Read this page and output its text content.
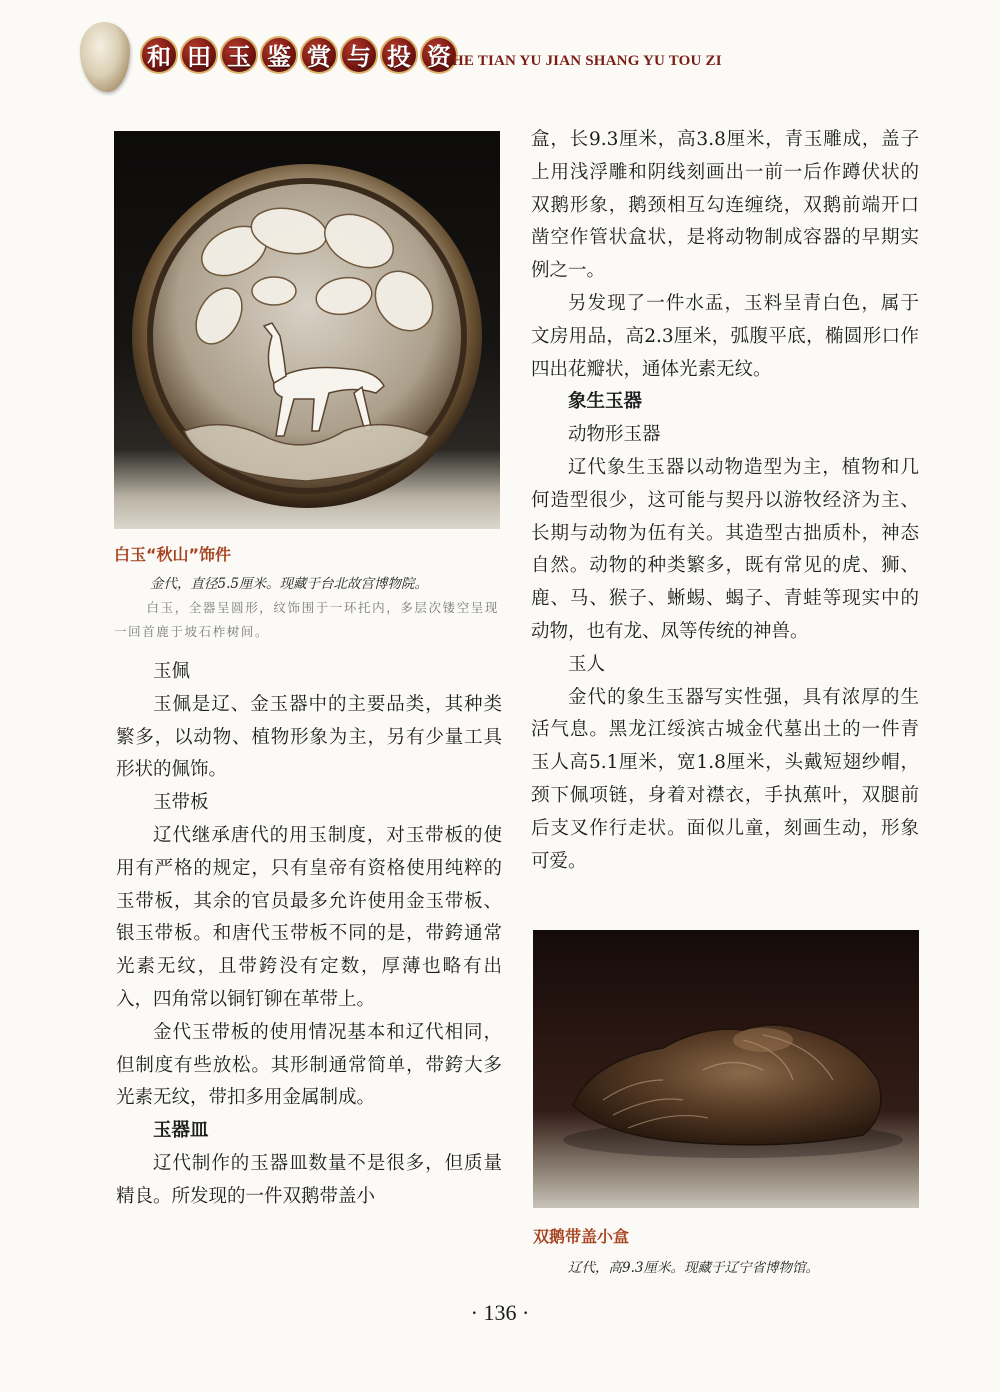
和 田 玉 鉴 赏 与 投 资 HE TIAN YU JIAN SHANG YU TOU ZI
白玉“秋山”饰件
金代，直径5.5厘米。现藏于台北故宫博物院。
白玉，全器呈圆形，纹饰围于一环托内，多层次镂空呈现一回首鹿于坡石柞树间。
玉佩

玉佩是辽、金玉器中的主要品类，其种类繁多，以动物、植物形象为主，另有少量工具形状的佩饰。

玉带板

辽代继承唐代的用玉制度，对玉带板的使用有严格的规定，只有皇帝有资格使用纯粹的玉带板，其余的官员最多允许使用金玉带板、银玉带板。和唐代玉带板不同的是，带銙通常光素无纹，且带銙没有定数，厚薄也略有出入，四角常以铜钉铆在革带上。

金代玉带板的使用情况基本和辽代相同，但制度有些放松。其形制通常简单，带銙大多光素无纹，带扣多用金属制成。

玉器皿

辽代制作的玉器皿数量不是很多，但质量精良。所发现的一件双鹅带盖小

盒，长9.3厘米，高3.8厘米，青玉雕成，盖子上用浅浮雕和阴线刻画出一前一后作蹲伏状的双鹅形象，鹅颈相互勾连缠绕，双鹅前端开口凿空作管状盒状，是将动物制成容器的早期实例之一。

另发现了一件水盂，玉料呈青白色，属于文房用品，高2.3厘米，弧腹平底，椭圆形口作四出花瓣状，通体光素无纹。

象生玉器
动物形玉器

辽代象生玉器以动物造型为主，植物和几何造型很少，这可能与契丹以游牧经济为主、长期与动物为伍有关。其造型古拙质朴，神态自然。动物的种类繁多，既有常见的虎、狮、鹿、马、猴子、蜥蜴、蝎子、青蛙等现实中的动物，也有龙、凤等传统的神兽。

玉人

金代的象生玉器写实性强，具有浓厚的生活气息。黑龙江绥滨古城金代墓出土的一件青玉人高5.1厘米，宽1.8厘米，头戴短翅纱帽，颈下佩项链，身着对襟衣，手执蕉叶，双腿前后支叉作行走状。面似儿童，刻画生动，形象可爱。

双鹅带盖小盒
辽代，高9.3厘米。现藏于辽宁省博物馆。
· 136 ·
